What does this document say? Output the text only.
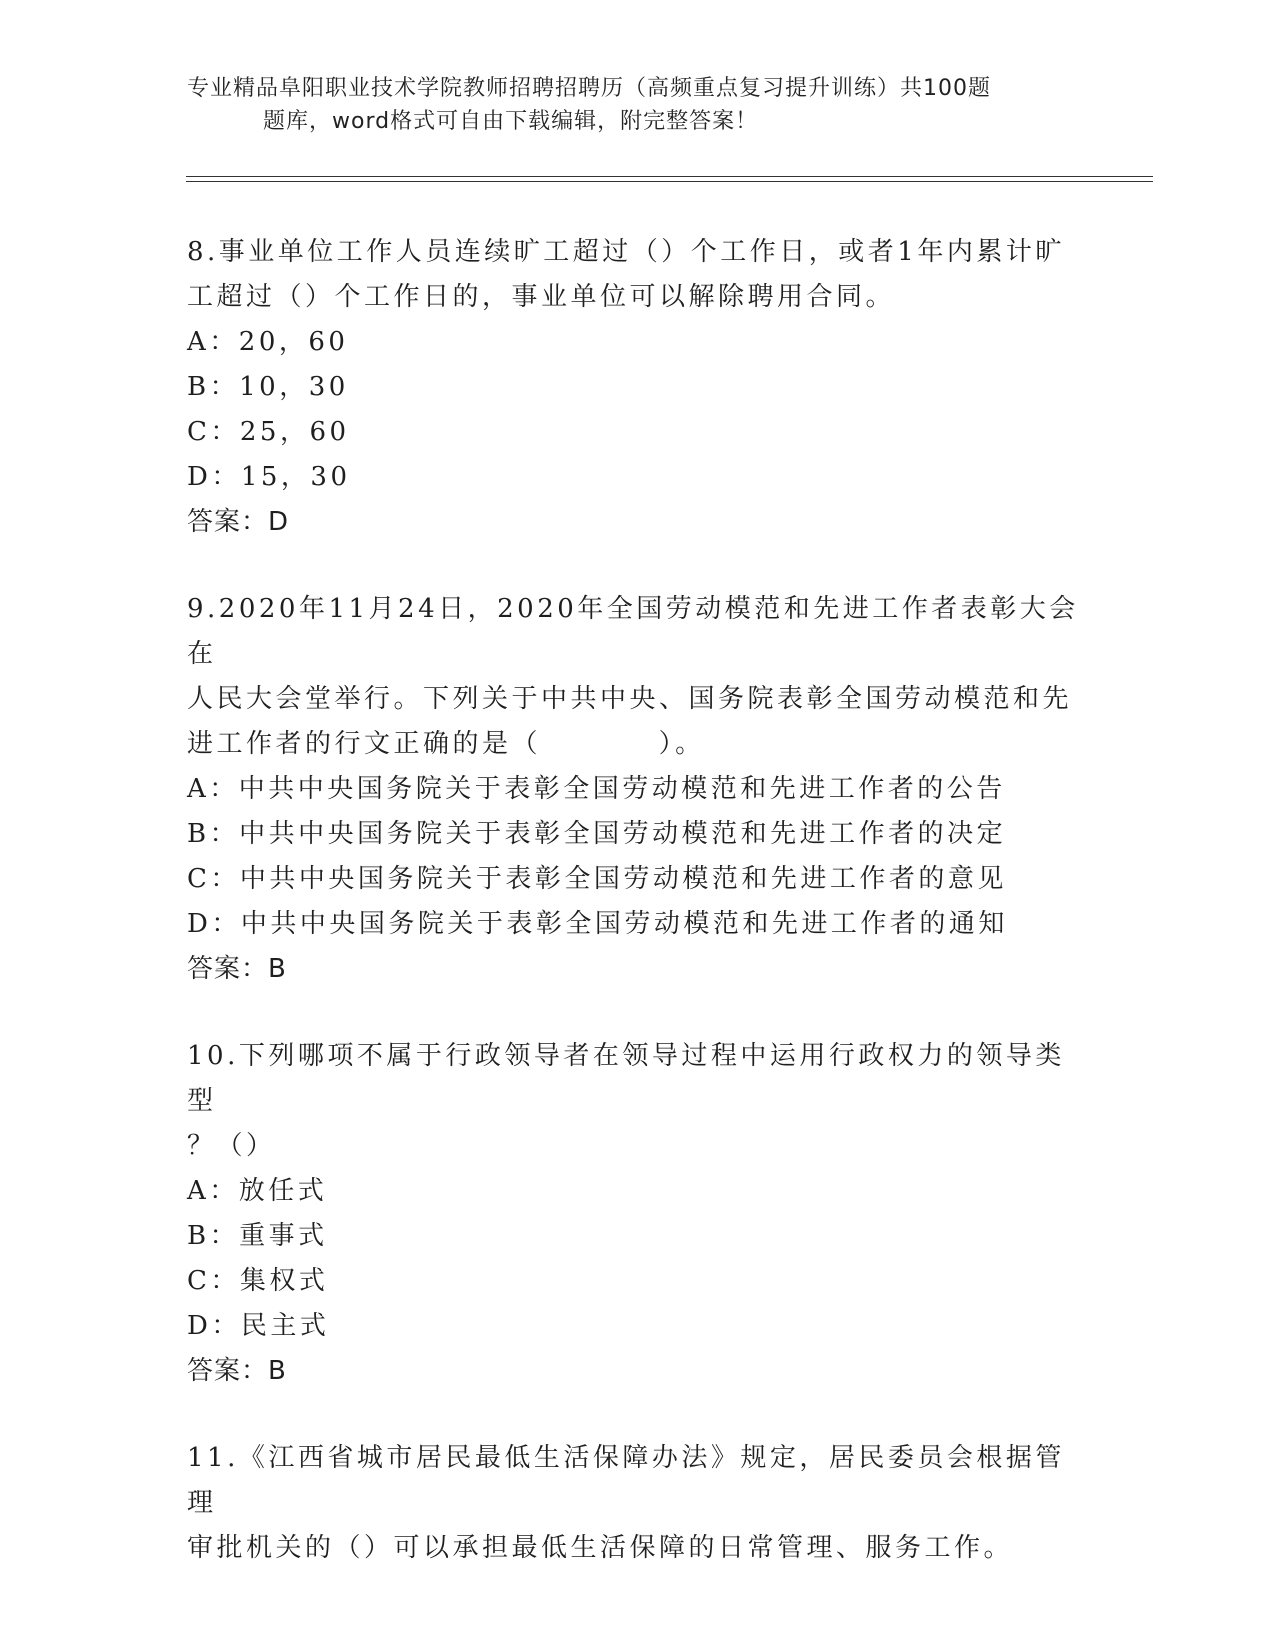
专业精品阜阳职业技术学院教师招聘招聘历（高频重点复习提升训练）共100题
题库，word格式可自由下载编辑，附完整答案！

8.事业单位工作人员连续旷工超过（）个工作日，或者1年内累计旷

工超过（）个工作日的，事业单位可以解除聘用合同。

A：20，60

B：10，30

C：25，60

D：15，30

答案：D

9.2020年11月24日，2020年全国劳动模范和先进工作者表彰大会在

人民大会堂举行。下列关于中共中央、国务院表彰全国劳动模范和先

进工作者的行文正确的是（          ）。

A：中共中央国务院关于表彰全国劳动模范和先进工作者的公告

B：中共中央国务院关于表彰全国劳动模范和先进工作者的决定

C：中共中央国务院关于表彰全国劳动模范和先进工作者的意见

D：中共中央国务院关于表彰全国劳动模范和先进工作者的通知

答案：B

10.下列哪项不属于行政领导者在领导过程中运用行政权力的领导类型

？（）

A：放任式

B：重事式

C：集权式

D：民主式

答案：B

11.《江西省城市居民最低生活保障办法》规定，居民委员会根据管理

审批机关的（）可以承担最低生活保障的日常管理、服务工作。
